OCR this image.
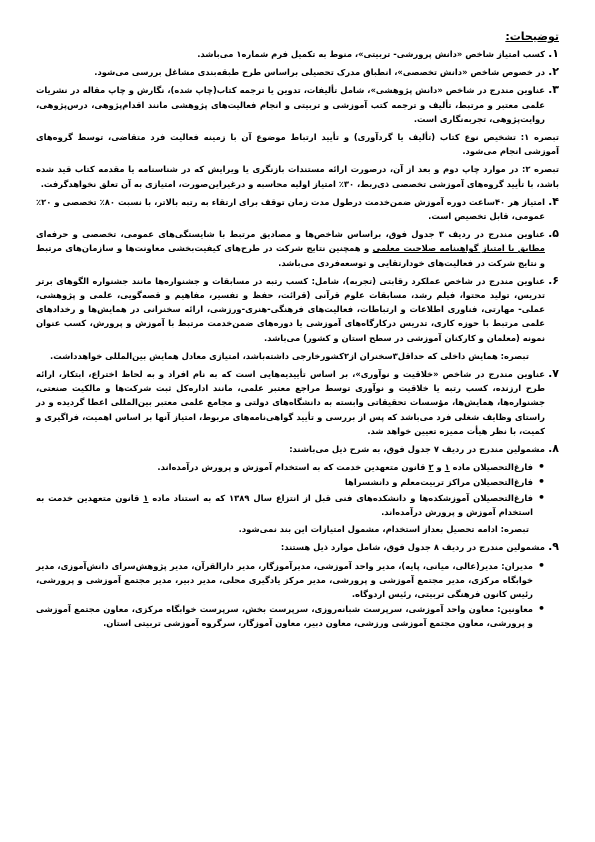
توضیحات:

۱.
کسب امتیاز شاخص «دانش پرورشی- تربیتی»، منوط به تکمیل فرم شماره۱ می‌باشد.

۲.
در خصوص شاخص «دانش تخصصی»، انطباق مدرک تحصیلی براساس طرح طبقه‌بندی مشاغل بررسی می‌شود.

۳.
عناوین مندرج در شاخص «دانش پژوهشی»، شامل تألیفات، تدوین یا ترجمه کتاب(چاپ شده)، نگارش و چاپ مقاله در نشریات علمی معتبر و مرتبط، تألیف و ترجمه کتب آموزشی و تربیتی و انجام فعالیت‌های پژوهشی مانند اقدام‌پژوهی، درس‌پژوهی، روایت‌پژوهی، تجربه‌نگاری است.

تبصره ۱: تشخیص نوع کتاب (تألیف یا گردآوری) و تأیید ارتباط موضوع آن با زمینه فعالیت فرد متقاضی، توسط گروه‌های آموزشی انجام می‌شود.

تبصره ۲: در موارد چاپ دوم و بعد از آن، درصورت ارائه مستندات بازنگری یا ویرایش که در شناسنامه یا مقدمه کتاب قید شده باشد، با تأیید گروه‌های آموزشی تخصصی ذی‌ربط، ۳۰٪ امتیاز اولیه محاسبه و درغیراین‌صورت، امتیازی به آن تعلق نخواهدگرفت.

۴.
امتیاز هر ۴۰ساعت دوره آموزش ضمن‌خدمت درطول مدت زمان توقف برای ارتقاء به رتبه بالاتر، با نسبت ۸۰٪ تخصصی و ۲۰٪ عمومی، قابل تخصیص است.

۵.
عناوین مندرج در ردیف ۳ جدول فوق، براساس شاخص‌ها و مصادیق مرتبط با شایستگی‌های عمومی، تخصصی و حرفه‌ای مطابق با امتیاز گواهینامه صلاحیت معلمی و همچنین نتایج شرکت در طرح‌های کیفیت‌بخشی معاونت‌ها و سازمان‌های مرتبط و نتایج شرکت در فعالیت‌های خودارتقایی و توسعه‌فردی می‌باشد.

۶.
عناوین مندرج در شاخص عملکرد رقابتی (تجربه)، شامل: کسب رتبه در مسابقات و جشنواره‌ها مانند جشنواره الگوهای برتر تدریس، تولید محتوا، فیلم رشد، مسابقات علوم قرآنی (قرائت، حفظ و تفسیر، مفاهیم و قصه‌گویی، علمی و پژوهشی، عملی- مهارتی، فناوری اطلاعات و ارتباطات، فعالیت‌های فرهنگی-هنری-ورزشی، ارائه سخنرانی در همایش‌ها و رخدادهای علمی مرتبط با حوزه کاری، تدریس درکارگاه‌های آموزشی یا دوره‌های ضمن‌خدمت مرتبط با آموزش و پرورش، کسب عنوان نمونه (معلمان و کارکنان آموزشی در سطح استان و کشور) می‌باشد.

تبصره: همایش داخلی که حداقل۳سخنران از۲کشورخارجی داشته‌باشد، امتیازی معادل همایش بین‌المللی خواهدداشت.

۷.
عناوین مندرج در شاخص «خلاقیت و نوآوری»، بر اساس تأییدیه‌هایی است که به نام افراد و به لحاظ اختراع، ابتکار، ارائه طرح ارزنده، کسب رتبه یا خلاقیت و نوآوری توسط مراجع معتبر علمی، مانند اداره‌کل ثبت شرکت‌ها و مالکیت صنعتی، جشنواره‌ها، همایش‌ها، مؤسسات تحقیقاتی وابسته به دانشگاه‌های دولتی و مجامع علمی معتبر بین‌المللی اعطا گردیده و در راستای وظایف شغلی فرد می‌باشد که پس از بررسی و تأیید گواهی‌نامه‌های مربوط، امتیاز آنها بر اساس اهمیت، فراگیری و کمیت، با نظر هیأت ممیزه تعیین خواهد شد.

۸.
مشمولین مندرج در ردیف ۷ جدول فوق، به شرح ذیل می‌باشند:

• فارغ‌التحصیلان ماده ۱ و ۲ قانون متعهدین خدمت که به استخدام آموزش و پرورش درآمده‌اند.
• فارغ‌التحصیلان مراکز تربیت‌معلم و دانشسراها
• فارغ‌التحصیلان آموزشکده‌ها و دانشکده‌های فنی قبل از انتزاع سال ۱۳۸۹ که به استناد ماده ۱ قانون متعهدین خدمت به استخدام آموزش و پرورش درآمده‌اند.

تبصره: ادامه تحصیل بعداز استخدام، مشمول امتیازات این بند نمی‌شود.

۹.
مشمولین مندرج در ردیف ۸ جدول فوق، شامل موارد ذیل هستند:

• مدیران: مدیر(عالی، میانی، پایه)، مدیر واحد آموزشی، مدیرآموزگار، مدیر دارالقرآن، مدیر پژوهش‌سرای دانش‌آموزی، مدیر خوابگاه مرکزی، مدیر مجتمع آموزشی و پرورشی، مدیر مرکز یادگیری محلی، مدیر دبیر، مدیر مجتمع آموزشی و پرورشی، رئیس کانون فرهنگی تربیتی، رئیس اردوگاه.
• معاونین: معاون واحد آموزشی، سرپرست شبانه‌روزی، سرپرست بخش، سرپرست خوابگاه مرکزی، معاون مجتمع آموزشی و پرورشی، معاون مجتمع آموزشی ورزشی، معاون دبیر، معاون آموزگار، سرگروه آموزشی تربیتی استان.
